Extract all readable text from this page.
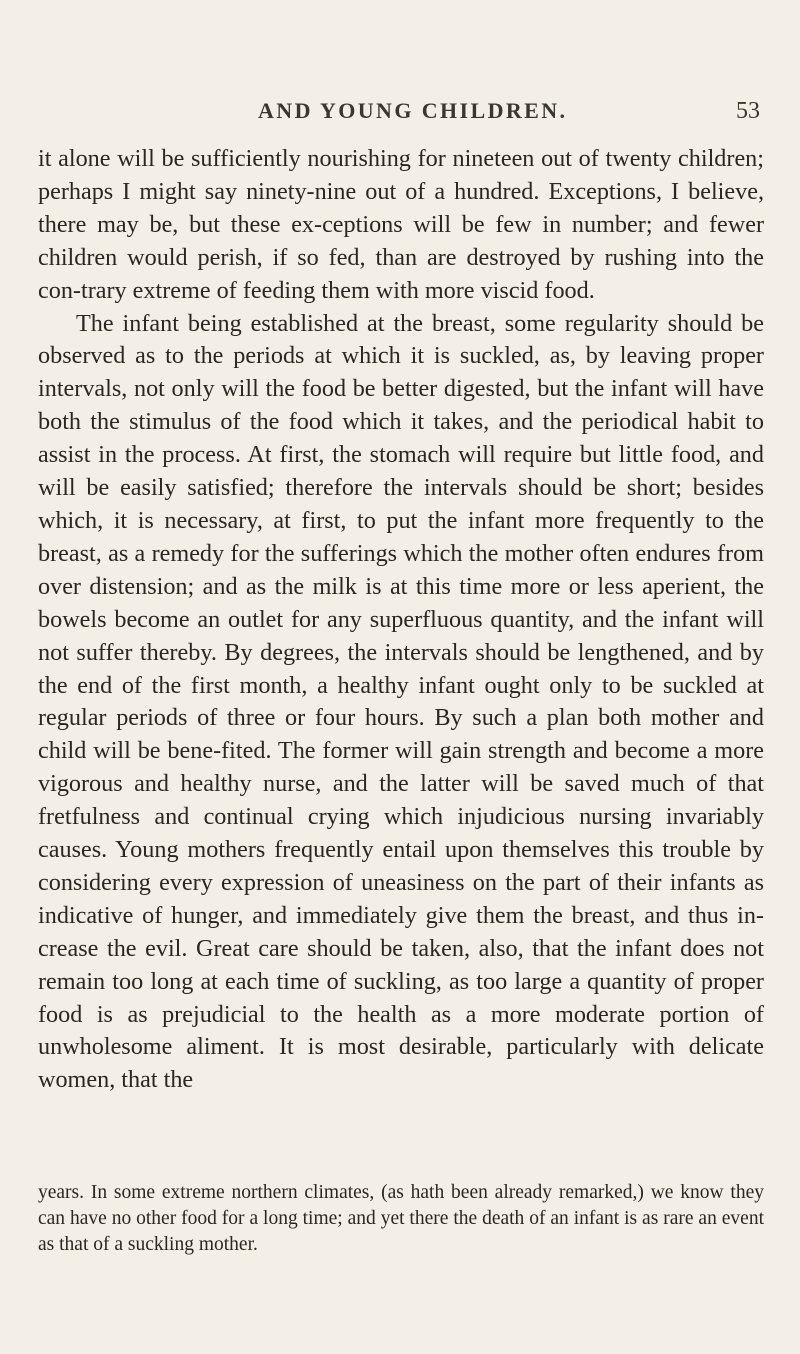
AND YOUNG CHILDREN.	53

it alone will be sufficiently nourishing for nineteen out of twenty children; perhaps I might say ninety-nine out of a hundred. Exceptions, I believe, there may be, but these ex-ceptions will be few in number; and fewer children would perish, if so fed, than are destroyed by rushing into the con-trary extreme of feeding them with more viscid food.

The infant being established at the breast, some regularity should be observed as to the periods at which it is suckled, as, by leaving proper intervals, not only will the food be better digested, but the infant will have both the stimulus of the food which it takes, and the periodical habit to assist in the process. At first, the stomach will require but little food, and will be easily satisfied; therefore the intervals should be short; besides which, it is necessary, at first, to put the infant more frequently to the breast, as a remedy for the sufferings which the mother often endures from over distension; and as the milk is at this time more or less aperient, the bowels become an outlet for any superfluous quantity, and the infant will not suffer thereby. By degrees, the intervals should be lengthened, and by the end of the first month, a healthy infant ought only to be suckled at regular periods of three or four hours. By such a plan both mother and child will be bene-fited. The former will gain strength and become a more vigorous and healthy nurse, and the latter will be saved much of that fretfulness and continual crying which injudicious nursing invariably causes. Young mothers frequently entail upon themselves this trouble by considering every expression of uneasiness on the part of their infants as indicative of hunger, and immediately give them the breast, and thus in-crease the evil. Great care should be taken, also, that the infant does not remain too long at each time of suckling, as too large a quantity of proper food is as prejudicial to the health as a more moderate portion of unwholesome aliment. It is most desirable, particularly with delicate women, that the

years. In some extreme northern climates, (as hath been already remarked,) we know they can have no other food for a long time; and yet there the death of an infant is as rare an event as that of a suckling mother.
